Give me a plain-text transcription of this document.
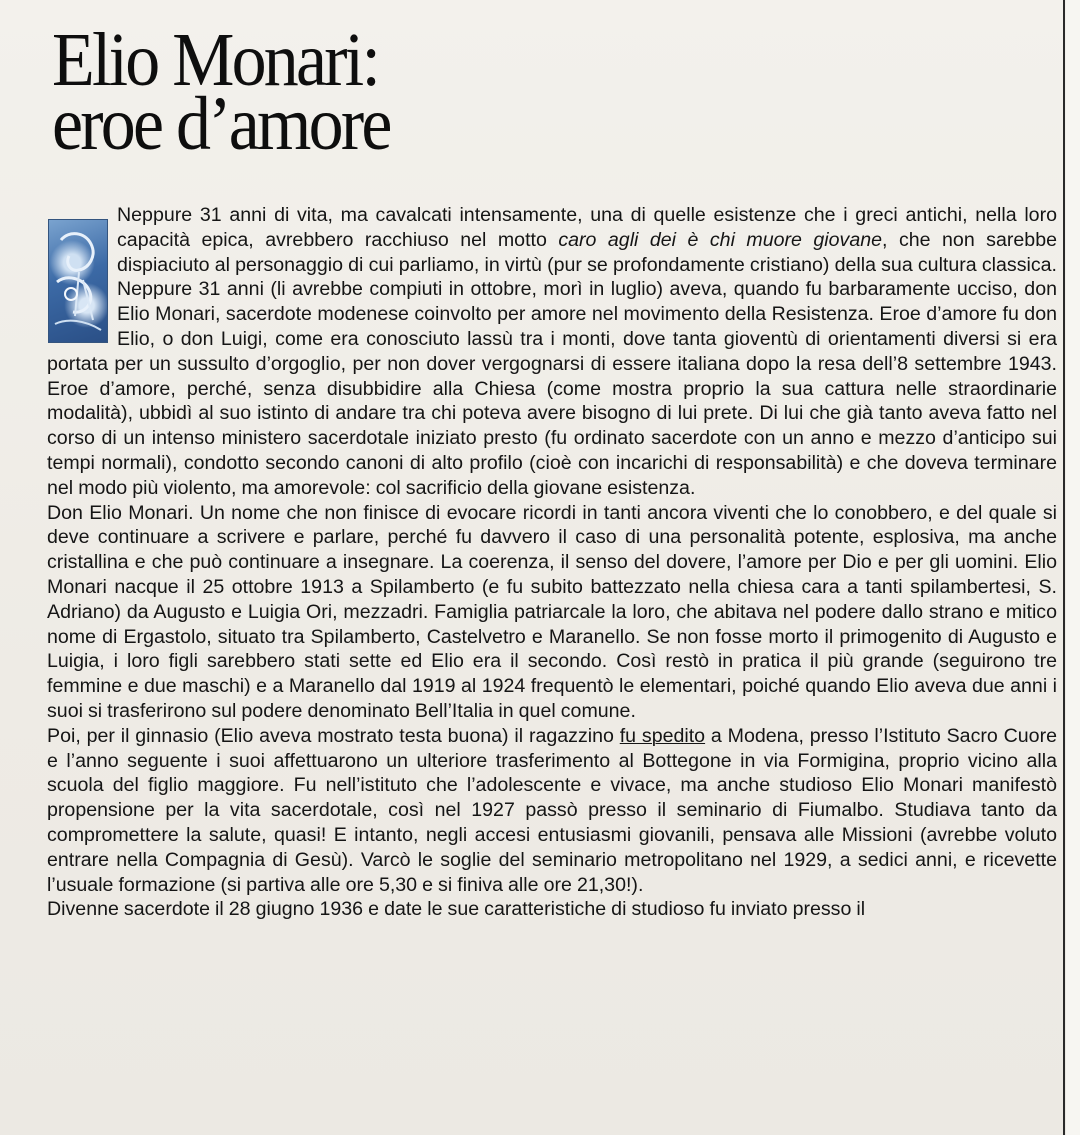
Elio Monari:
eroe d’amore

Neppure 31 anni di vita, ma cavalcati intensamente, una di quelle esistenze che i greci antichi, nella loro capacità epica, avrebbero racchiuso nel motto caro agli dei è chi muore giovane, che non sarebbe dispiaciuto al personaggio di cui parliamo, in virtù (pur se profondamente cristiano) della sua cultura classica. Neppure 31 anni (li avrebbe compiuti in ottobre, morì in luglio) aveva, quando fu barbaramente ucciso, don Elio Monari, sacerdote modenese coinvolto per amore nel movimento della Resistenza. Eroe d’amore fu don Elio, o don Luigi, come era conosciuto lassù tra i monti, dove tanta gioventù di orientamenti diversi si era portata per un sussulto d’orgoglio, per non dover vergognarsi di essere italiana dopo la resa dell’8 settembre 1943. Eroe d’amore, perché, senza disubbidire alla Chiesa (come mostra proprio la sua cattura nelle straordinarie modalità), ubbidì al suo istinto di andare tra chi poteva avere bisogno di lui prete. Di lui che già tanto aveva fatto nel corso di un intenso ministero sacerdotale iniziato presto (fu ordinato sacerdote con un anno e mezzo d’anticipo sui tempi normali), condotto secondo canoni di alto profilo (cioè con incarichi di responsabilità) e che doveva terminare nel modo più violento, ma amorevole: col sacrificio della giovane esistenza.

Don Elio Monari. Un nome che non finisce di evocare ricordi in tanti ancora viventi che lo conobbero, e del quale si deve continuare a scrivere e parlare, perché fu davvero il caso di una personalità potente, esplosiva, ma anche cristallina e che può continuare a insegnare. La coerenza, il senso del dovere, l’amore per Dio e per gli uomini. Elio Monari nacque il 25 ottobre 1913 a Spilamberto (e fu subito battezzato nella chiesa cara a tanti spilambertesi, S. Adriano) da Augusto e Luigia Ori, mezzadri. Famiglia patriarcale la loro, che abitava nel podere dallo strano e mitico nome di Ergastolo, situato tra Spilamberto, Castelvetro e Maranello. Se non fosse morto il primogenito di Augusto e Luigia, i loro figli sarebbero stati sette ed Elio era il secondo. Così restò in pratica il più grande (seguirono tre femmine e due maschi) e a Maranello dal 1919 al 1924 frequentò le elementari, poiché quando Elio aveva due anni i suoi si trasferirono sul podere denominato Bell’Italia in quel comune.

Poi, per il ginnasio (Elio aveva mostrato testa buona) il ragazzino fu spedito a Modena, presso l’Istituto Sacro Cuore e l’anno seguente i suoi affettuarono un ulteriore trasferimento al Bottegone in via Formigina, proprio vicino alla scuola del figlio maggiore. Fu nell’istituto che l’adolescente e vivace, ma anche studioso Elio Monari manifestò propensione per la vita sacerdotale, così nel 1927 passò presso il seminario di Fiumalbo. Studiava tanto da compromettere la salute, quasi! E intanto, negli accesi entusiasmi giovanili, pensava alle Missioni (avrebbe voluto entrare nella Compagnia di Gesù). Varcò le soglie del seminario metropolitano nel 1929, a sedici anni, e ricevette l’usuale formazione (si partiva alle ore 5,30 e si finiva alle ore 21,30!).

Divenne sacerdote il 28 giugno 1936 e date le sue caratteristiche di studioso fu inviato presso il
